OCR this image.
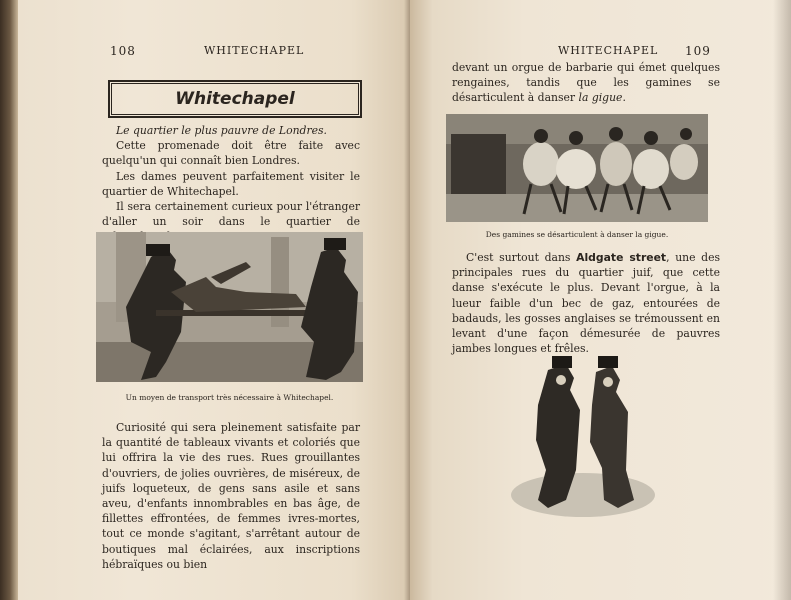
108	WHITECHAPEL
Whitechapel

Le quartier le plus pauvre de Londres.

Cette promenade doit être faite avec quelqu'un qui connaît bien Londres.

Les dames peuvent parfaitement visiter le quartier de Whitechapel.

Il sera certainement curieux pour l'étranger d'aller un soir dans le quartier de

Un moyen de transport très nécessaire à Whitechapel.

Curiosité qui sera pleinement satisfaite par la quantité de tableaux vivants et coloriés que lui offrira la vie des rues. Rues grouillantes d'ouvriers, de jolies ouvrières, de miséreux, de juifs loqueteux, de gens sans asile et sans aveu, d'enfants innombrables en bas âge, de fillettes effrontées, de femmes ivres-mortes, tout ce monde s'agitant, s'arrêtant autour de boutiques mal éclairées, aux inscriptions hébraïques ou bien

WHITECHAPEL 109

devant un orgue de barbarie qui émet quelques rengaines, tandis que les gamines se désarticulent à danser la gigue.

Des gamines se désarticulent à danser la gigue.

C'est surtout dans Aldgate street, une des principales rues du quartier juif, que cette danse s'exécute le plus. Devant l'orgue, à la lueur faible d'un bec de gaz, entourées de badauds, les gosses anglaises se trémoussent en levant d'une façon démesurée de pauvres jambes longues et frêles.
